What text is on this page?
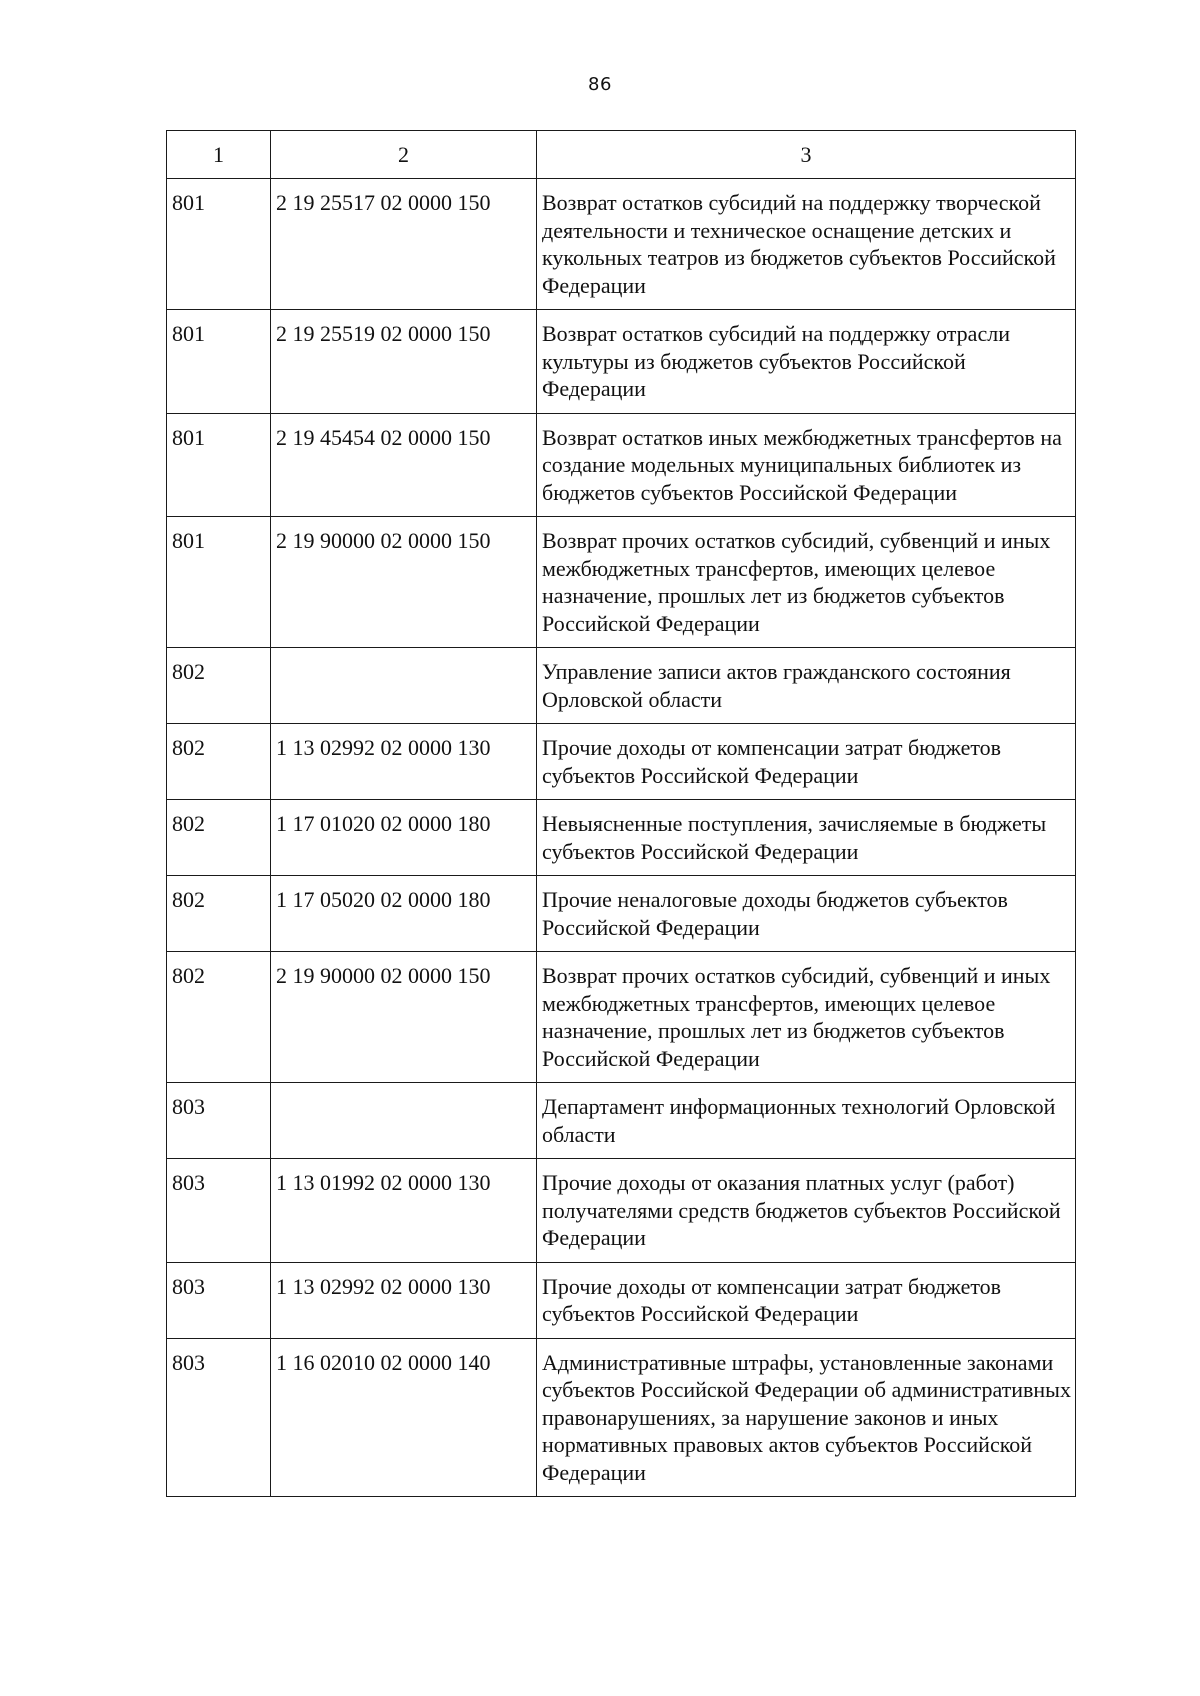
86
1	2	3
801	2 19 25517 02 0000 150	Возврат остатков субсидий на поддержку творческой деятельности и техническое оснащение детских и кукольных театров из бюджетов субъектов Российской Федерации
801	2 19 25519 02 0000 150	Возврат остатков субсидий на поддержку отрасли культуры из бюджетов субъектов Российской Федерации
801	2 19 45454 02 0000 150	Возврат остатков иных межбюджетных трансфертов на создание модельных муниципальных библиотек из бюджетов субъектов Российской Федерации
801	2 19 90000 02 0000 150	Возврат прочих остатков субсидий, субвенций и иных межбюджетных трансфертов, имеющих целевое назначение, прошлых лет из бюджетов субъектов Российской Федерации
802		Управление записи актов гражданского состояния Орловской области
802	1 13 02992 02 0000 130	Прочие доходы от компенсации затрат бюджетов субъектов Российской Федерации
802	1 17 01020 02 0000 180	Невыясненные поступления, зачисляемые в бюджеты субъектов Российской Федерации
802	1 17 05020 02 0000 180	Прочие неналоговые доходы бюджетов субъектов Российской Федерации
802	2 19 90000 02 0000 150	Возврат прочих остатков субсидий, субвенций и иных межбюджетных трансфертов, имеющих целевое назначение, прошлых лет из бюджетов субъектов Российской Федерации
803		Департамент информационных технологий Орловской области
803	1 13 01992 02 0000 130	Прочие доходы от оказания платных услуг (работ) получателями средств бюджетов субъектов Российской Федерации
803	1 13 02992 02 0000 130	Прочие доходы от компенсации затрат бюджетов субъектов Российской Федерации
803	1 16 02010 02 0000 140	Административные штрафы, установленные законами субъектов Российской Федерации об административных правонарушениях, за нарушение законов и иных нормативных правовых актов субъектов Российской Федерации
